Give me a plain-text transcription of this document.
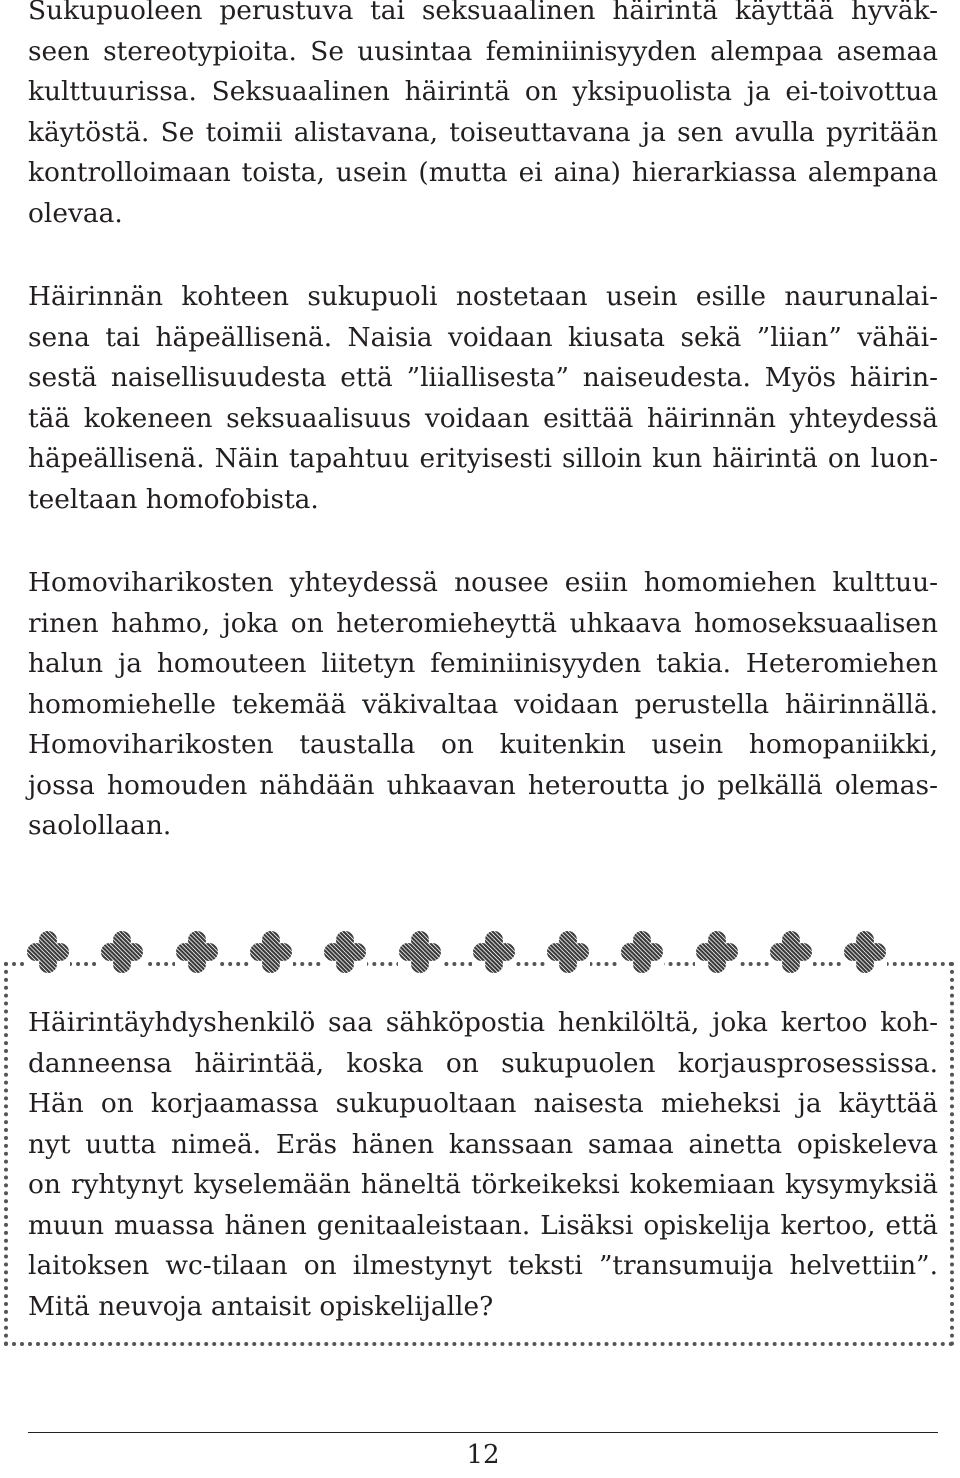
Sukupuoleen perustuva tai seksuaalinen häirintä käyttää hyväk-
seen stereotypioita. Se uusintaa feminiinisyyden alempaa asemaa
kulttuurissa. Seksuaalinen häirintä on yksipuolista ja ei-toivottua
käytöstä. Se toimii alistavana, toiseuttavana ja sen avulla pyritään
kontrolloimaan toista, usein (mutta ei aina) hierarkiassa alempana
olevaa.
Häirinnän kohteen sukupuoli nostetaan usein esille naurunalai-
sena tai häpeällisenä. Naisia voidaan kiusata sekä ”liian” vähäi-
sestä naisellisuudesta että ”liiallisesta” naiseudesta. Myös häirin-
tää kokeneen seksuaalisuus voidaan esittää häirinnän yhteydessä
häpeällisenä. Näin tapahtuu erityisesti silloin kun häirintä on luon-
teeltaan homofobista.
Homoviharikosten yhteydessä nousee esiin homomiehen kulttuu-
rinen hahmo, joka on heteromieheyttä uhkaava homoseksuaalisen
halun ja homouteen liitetyn feminiinisyyden takia. Heteromiehen
homomiehelle tekemää väkivaltaa voidaan perustella häirinnällä.
Homoviharikosten taustalla on kuitenkin usein homopaniikki,
jossa homouden nähdään uhkaavan heteroutta jo pelkällä olemas-
saolollaan.
Häirintäyhdyshenkilö saa sähköpostia henkilöltä, joka kertoo koh-
danneensa häirintää, koska on sukupuolen korjausprosessissa.
Hän on korjaamassa sukupuoltaan naisesta mieheksi ja käyttää
nyt uutta nimeä. Eräs hänen kanssaan samaa ainetta opiskeleva
on ryhtynyt kyselemään häneltä törkeikeksi kokemiaan kysymyksiä
muun muassa hänen genitaaleistaan. Lisäksi opiskelija kertoo, että
laitoksen wc-tilaan on ilmestynyt teksti ”transumuija helvettiin”.
Mitä neuvoja antaisit opiskelijalle?
12
